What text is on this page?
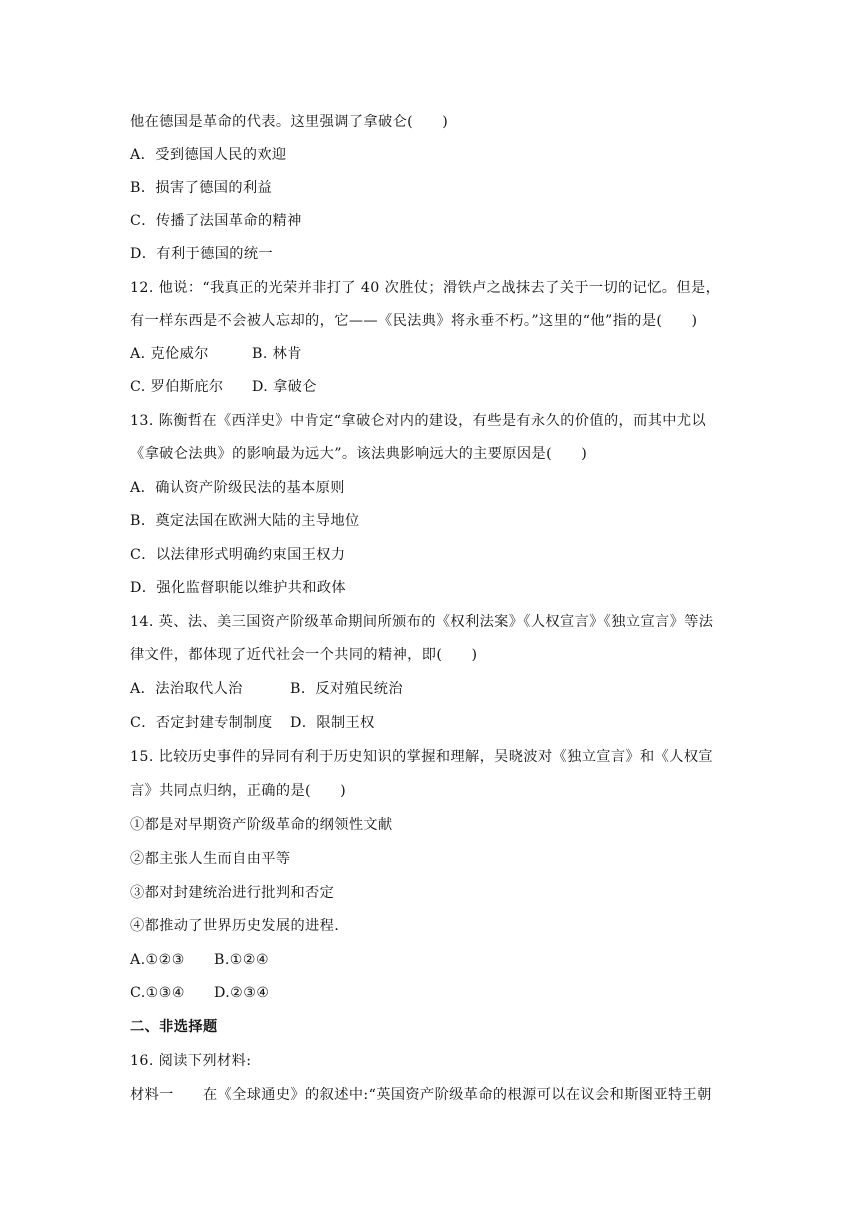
他在德国是革命的代表。这里强调了拿破仑(　　)
A．受到德国人民的欢迎
B．损害了德国的利益
C．传播了法国革命的精神
D．有利于德国的统一
12. 他说：“我真正的光荣并非打了 40 次胜仗；滑铁卢之战抹去了关于一切的记忆。但是，
有一样东西是不会被人忘却的，它——《民法典》将永垂不朽。”这里的“他”指的是(　　)
A. 克伦威尔	B. 林肯
C. 罗伯斯庇尔 D. 拿破仑
13. 陈衡哲在《西洋史》中肯定“拿破仑对内的建设，有些是有永久的价值的，而其中尤以
《拿破仑法典》的影响最为远大”。该法典影响远大的主要原因是(　　)
A．确认资产阶级民法的基本原则
B．奠定法国在欧洲大陆的主导地位
C．以法律形式明确约束国王权力
D．强化监督职能以维护共和政体
14. 英、法、美三国资产阶级革命期间所颁布的《权利法案》《人权宣言》《独立宣言》等法
律文件，都体现了近代社会一个共同的精神，即(　　)
A．法治取代人治	B．反对殖民统治
C．否定封建专制制度 D．限制王权
15. 比较历史事件的异同有利于历史知识的掌握和理解，吴晓波对《独立宣言》和《人权宣
言》共同点归纳，正确的是(　　)
①都是对早期资产阶级革命的纲领性文献
②都主张人生而自由平等
③都对封建统治进行批判和否定
④都推动了世界历史发展的进程.
A.①②③ B.①②④
C.①③④ D.②③④
二、非选择题
16. 阅读下列材料:
材料一　　在《全球通史》的叙述中:“英国资产阶级革命的根源可以在议会和斯图亚特王朝
